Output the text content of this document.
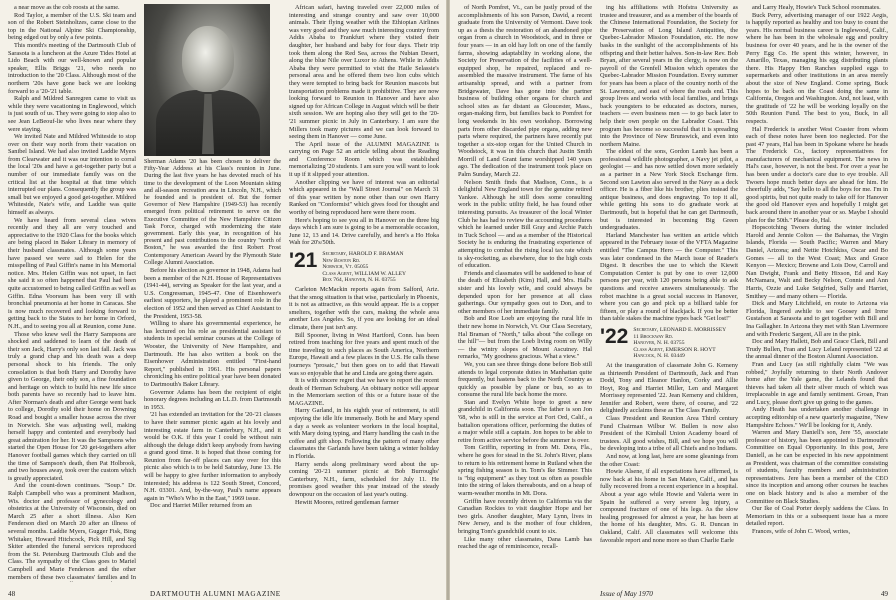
a near move as the cob roosts at the same.

Rod Taylor, a member of the U.S. Ski team and son of the Robert Steinholtzes, came close to the top in the National Alpine Ski Championship, being edged out by only a few points.

This month's meeting of the Dartmouth Club of Sarasota is a luncheon at the Azure Tides Hotel at Lido Beach with our well-known and popular speaker, Ellis Briggs '21, who needs no introduction to the '20 Class. Although most of the northern '20s have gone back we are looking forward to a '20-'21 table.

Ralph and Mildred Sanregren came to visit us while they were vacationing in Englewood, which is just south of us. They were going to stop also to see Jean LeBeouf-lie who lives near where they were staying.

We invited Nate and Mildred Whiteside to stop over on their way north from their vacation on Sanibel Island. We had also invited Laddie Myers from Clearwater and it was our intention to corral the local '20s and have a get-together party but a number of our immediate family was on the critical list at the hospital at that time which interrupted our plans. Consequently the group was small but we enjoyed a good get-together. Mildred Whiteside, Nate's wife, and Laddie was quite himself as always.

We have heard from several class wives recently and they all are very touched and appreciative to the 1920 Class for the books which are being placed in Baker Library in memory of their husband classmates. Although some years have passed we were sad to Helen for the misspelling of Paul Giffin's name in his Memorial notice. Mrs. Helen Giffin was not upset, in fact she said it so often happened that Paul had been quite accustomed to being called Griffin as well as Giffin. Edna Voorsum has been very ill with bronchial pneumonia at her home in Caracas. She is now much recovered and looking forward to getting back to the States to her home in Orford, N.H., and to seeing you all at Reunion, come June.

Those who knew well the Harry Sampsons are shocked and saddened to learn of the death of their son Jack, Harry's only son last fall. Jack was truly a grand chap and his death was a deep personal shock to his friends. The only consolation is that both Harry and Dorothy have given to George, their only son, a fine foundation and heritage on which to build his new life since both parents have so recently had to leave him. After Norman's death and after George went back to college, Dorothy sold their home on Downing Road and bought a smaller house across the river in Norwich. She was adjusting well, making herself happy and contented and everybody had great admiration for her. It was the Sampsons who started the Open House for '20 get-togethers after Hanover football games which they carried on till the time of Sampson's death, then Pat Holbrook, and two houses away, took over the custom which is greatly appreciated.

And the count-down continues. "Soup." Dr. Ralph Campbell who was a prominent Madison, Wis. doctor and professor of gynecology and obstetrics at the University of Wisconsin, died on March 25 after a short illness. Also Ken Fenderson died on March 20 after an illness of several months. Laddie Myers, Gugger Fisk, Bing Whitaker, Howard Hitchcock, Pick Hill, and Sig Skiter attended the funeral services reproduced from the St. Petersburg Dartmouth Club and the Class. The sympathy of the Class goes to Mariel Campbell and Marie Fenderson and the other members of these two classmates' families and In

Sherman Adams '20 has been chosen to deliver the Fifty-Year Address at his Class's reunion in June. During the last five years he has devoted much of his time to the development of the Loon Mountain skiing and all-season recreation area in Lincoln, N.H., which he founded and is president of. But the former Governor of New Hampshire (1949-53) has recently emerged from political retirement to serve on the Executive Committee of the New Hampshire Citizen Task Force, charged with modernizing the state government. Early this year, in recognition of his present and past contributions to the country "north of Boston," he was awarded the first Robert Frost Contemporary American Award by the Plymouth State College Alumni Association.

Before his election as governor in 1948, Adams had been a member of the N.H. House of Representatives (1941-44), serving as Speaker for the last year, and a U.S. Congressman, 1945-47. One of Eisenhower's earliest supporters, he played a prominent role in the election of 1952 and then served as Chief Assistant to the President, 1953-58.

Willing to share his governmental experience, he has lectured on his role as presidential assistant to students in special seminar courses at the College of Wooster, the University of New Hampshire, and Dartmouth. He has also written a book on the Eisenhower Administration entitled "First-hand Report," published in 1961. His personal papers chronicling his entire political year have been donated to Dartmouth's Baker Library.

Governor Adams has been the recipient of eight honorary degrees including an LL.D. from Dartmouth in 1953.

'21 has extended an invitation for the '20-'21 classes to have their summer picnic again at his lovely and interesting estate farm in Canterbury, N.H., and it would be O.K. if this year I could be without rain although the deluge didn't keep anybody from having a grand good time. It is hoped that those coming for Reunion from far-off places can stay over for this picnic also which is to be held Saturday, June 13. He will be happy to give further information to anybody interested; his address is 122 South Street, Concord, N.H. 03301. And, by-the-way, Paul's name appears again in "Who's Who in the East," 1969 issue.

Doc and Harriet Miller returned from an

African safari, having traveled over 22,000 miles of interesting and strange country and saw over 10,000 animals. Their flying weather with the Ethiopian Airlines was very good and they saw much interesting country from Addis Ababa to Frankfurt where they visited their daughter, her husband and baby for four days. Their trip took them along the Red Sea, across the Nubian Desert, along the blue Nile over Luxor to Athens. While in Addis Ababa they were permitted to visit the Haile Selassie's personal area and he offered them two lion cubs which they were tempted to bring back for Reunion mascots but transportation problems made it prohibitive. They are now looking forward to Reunion in Hanover and have also signed up for African College in August which will be their sixth session. We are hoping also they will get to the '20-'21 summer picnic in July in Canterbury. I am sure the Millers took many pictures and we can look forward to seeing them in Hanover — come June.

The April issue of the ALUMNI MAGAZINE is carrying on Page 52 an article telling about the Reading and Conference Room which was established memorializing '20 students. I am sure you will want to look it up if it slipped your attention.

Another clipping we have of interest was an editorial which appeared in the "Wall Street Journal" on March 31 of this year written by none other than our own Harry Ranked on "Conformist" which gives food for thought and worthy of being reproduced here were there room.

Here's hoping to see you all in Hanover on the three big days which I am sure is going to be a memorable occasion, June 12, 13 and 14. Drive carefully, and here's a Ho Hoka Wah for 20's/50th.

'21 Secretary, HAROLD F. BRAMAN
New Boston Rd.
Norwich, Vt. 05055
Class Agent, WILLIAM W. ALLEY
Box 764, Hanover, N. H. 03755

Carleton McMackin reports again from Salford, Ariz. that the smog situation is that wise, particularly in Phoenix, it is not as attractive, as this would appear. He is a copper smelters, together with the cars, making the whole area another Los Angeles. So, if you are looking for an ideal climate, there just isn't any.

Bill Spooner, living in West Hartford, Conn. has been retired from teaching for five years and spent much of the time traveling to such places as South America, Northern Europe, Hawaii and a few places in the U.S. He calls these journeys "prosaic," but then goes on to add that Hawaii was so enjoyable that he and Linda are going there again.

It is with sincere regret that we have to report the recent death of Herman Schuburg. An obituary notice will appear in the Memoriam section of this or a future issue of the MAGAZINE.

Harry Garland, in his eighth year of retirement, is still enjoying the idle life immensely. Both he and Mary spend a day a week as volunteer workers in the local hospital, with Mary doing typing, and Harry handling the cash in the coffee and gift shop. Following the pattern of many other classmates the Garlands have been taking a winter holiday in Florida.

Harry sends along preliminary word about the up-coming '20-'21 summer picnic at Bob Burroughs' Canterbury, N.H., farm, scheduled for July 11. He promises good weather this year instead of the steady downpour on the occasion of last year's outing.

Hewitt Moores, retired gentleman farmer

48	DARTMOUTH ALUMNI MAGAZINE

of North Pomfret, Vt., can be justly proud of the accomplishments of his son Parson, David, a recent graduate from the University of Vermont. Dave took up as a thesis the restoration of an abandoned pipe organ from a church in Woodstock, and in three or four years — in an old hay loft on one of the family farms, showing adaptability in working alone, the Society for Preservation of the facilities of a well-equipped shop, he repaired, replaced and re-assembled the massive instrument. The fame of his artisanship spread, and with a partner from Bridgewater, Dave has gone into the partner business of building other organs for church and school sites as far distant as Gloucester, Mass., organ-making firm, but families back to Pomfret for long weekends in his own workshop. Borrowing parts from other discarded pipe organs, adding new parts where required, the partners have recently put together a six-stop organ for the United Church in Woodstock, it was in this church that Justin Smith Morrill of Land Grant fame worshipped 140 years ago. The dedication of the instrument took place on Palm Sunday, March 22.

Nelson Smith finds that Madison, Conn., is a delightful New England town for the genuine retired Yankee. Although he still does some consulting work in the public utility field, he has found other interesting pursuits. As treasurer of the local Winter Club he has had to review the accounting procedures which he learned under Bill Gray and Archie Patch in Tuck School — and as a member of the Historical Society he is enduring the frustrating experience of attempting to combat the rising local tax rate which is sky-rocketing, as elsewhere, due to the high costs of education.

Friends and classmates will be saddened to hear of the death of Elizabeth (Kim) Hall, and Mrs. Hall's sister and his lovely wife, and could always be depended upon for her presence at all class gatherings. Our sympathy goes out to Don, and to other members of her immediate family.

Bob and Roe Loeb are enjoying the rural life in their new home in Norwich, Vt. Our Class Secretary, Hal Braman of "North," talks about "the college on the hill"— but from the Loeb living room on Willy — the wintry slopes of Mount Ascutney. Hal remarks, "My goodness gracious. What a view."

We, you can see three things done before Bob still attends to legal corporate duties in Manhattan quite frequently, but hastens back to the North Country as quickly as possible by plane or bus, so as to consume the rural life back home the more.

Stan and Evelyn White hope to greet a new grandchild in California soon. The father is son Jon '68, who is still in the service at Fort Ord, Calif., a battalion operations officer, performing the duties of a major while still a captain. Jon hopes to be able to retire from active service before the summer is over.

Tom Griffin, reporting in from Mt. Dora, Fla., where he goes for stead in the St. John's River, plans to return to his retirement home in Rutland when the spring fishing season is in. Tom's Ike Simmer. This is "big equipment" as they tout us often as possible into the string of lakes thereabouts, and on a heap of warm-weather months in Mt. Dora.

Griffin have recently driven to California via the Canadian Rockies to visit daughter Hope and her two girls. Another daughter, Mary Lynn, lives in New Jersey, and is the mother of four children, bringing Tom's grandchild count to six.

Like many other classmates, Dana Lamb has reached the age of reminiscence, recall-

ing his affiliations with Hofstra University as trustee and treasurer, and as a member of the boards of the Chinese International Foundation, the Society for the Preservation of Long Island Antiquities, the Quebec-Labrador Mission Foundation, etc. He now basks in the sunlight of the accomplishments of his offspring and their better halves. Son-in-law Rev. Bob Bryan, after several years in the clergy, is now on the payroll of the Grenfell Mission which operates the Quebec-Labrador Mission Foundation. Every summer for years has been a place of the country north of the St. Lawrence, and east of where the roads end. This group lives and works with local families, and brings back youngsters to be educated as doctors, nurses, teachers — even business men — to go back later to help their own people on the Labrador Coast. This program has become so successful that it is spreading into the Province of New Brunswick, and even into northern Maine.

The eldest of the sons, Gordon Lamb has been a professional wildlife photographer, a Navy jet pilot, a geologist — and has now settled down more sedately as a partner in a New York Stock Exchange firm. Second son Lawton also served in the Navy as a deck officer. He is a fiber like his brother, plies instead the antique business, and does engraving. To top it all, while getting his sons to do graduate work at Dartmouth, but is hopeful that he can get Dartmouth, but is interested in becoming Big Green undergraduates.

Harland Manchester has written an article which appeared in the February issue of the VFTA Magazine entitled "The Campus Hero — the Computer." This was later condensed in the March issue of Reader's Digest. It describes the use to which the Kiewit Computation Center is put by one to over 12,000 persons per year, with 120 persons being able to ask questions and receive answers simultaneously. The robot machine is a great social success in Hanover, where you can go and pick up a billiard table for fifteen, or play a round of blackjack. If you be better than table stakes the machine types back "Get lost!"

'22 Secretary, LEONARD E. MORRISSEY
11 Brockway Rd.
Hanover, N. H. 03755
Class Agent, EMERSON R. HOYT
Hancock, N. H. 03449

At the inauguration of classmate John G. Kemeny as thirteenth President of Dartmouth, Jack and Fran Dodd, Tony and Eleanor Hanlon, Corky and Allie Hoyt, Rog and Harriet Miller, Len and Margaret Morrissey represented '22. Jean Kemeny and children, Jennifer and Robert, were there, of course, and '22 delightedly acclaims these as The Class Family.

Class President and Reunion Area Third century Fund Chairman Wilbur W. Bullen is now also President of the Kimball Union Academy board of trustees. All good wishes, Bill, and we hope you will be developing into a tribe of all Chiefs and no Indians.

And now, at long last, here are some gleanings from the other Coast:

Howie Alsene, if all expectations have affirmed, is now back at his home in San Mateo, Calif., and has fully recovered from a recent experience in a hospital. About a year ago while Howie and Valeria were in Spain he suffered a very severe leg injury, a compound fracture of one of his legs. As the slow healing progressed for almost a year, he has been at the home of his daughter, Mrs. G. R. Duncan in Oakland, Calif. All classmates will welcome this favorable report and none more so than Charlie Earle

and Larry Healy, Howie's Tuck School roommates.

Buck Perry, advertising manager of our 1922 Aegis, is happily reported as healthy and too busy to count the years. His normal business career is Inglewood, Calif., where he has been in the wholesale egg and poultry business for over 40 years, and he is the owner of the Perry Egg Co. He spent this winter, however, in Amarillo, Texas, managing his egg distributing plants there. His Happy Hen Ranches supplied eggs to supermarkets and other institutions in an area merely about the size of New England. Come spring, Buck hopes to be back on the Coast doing the same in California, Oregon and Washington. And, not least, with the gratitude of '22 he will be working loyally on the 50th Reunion Fund. The best to you, Buck, in all respects.

Hal Frederick is another West Coaster from whom each of these notes have been too neglected. For the past 47 years, Hal has been in Spokane where he heads The Frederick Co., factory representatives for manufacturers of mechanical equipment. The news in Hal's case, however, is not the best. For over a year he has been under a doctor's care due to eye trouble. All Twoers hope much better days are ahead for him. He cheerfully adds, "Say hello to all the boys for me. I'm in good spirits, but not quite ready to take off for Hanover the good old Hanover eyes and hopefully I might get back around there in another year or so. Maybe I should plan for the 50th." Please do, Hal.

Hopscotching Twoers during the winter included Harold and Jennie Colton — the Bahamas, the Virgin Islands, Florida — South Pacific; Warren and Mary Daniel, Arizona; and Nettie Hotchkiss, Oscar and Bo Gomes — all to the West Coast; Max and Grace Kenyon — Mexico; Browne and Lois Dow, Carroll and Nan Dwight, Frank and Betty Hixson, Ed and Kay McNamara, Walt and Becky Nelson, Connie and Ann Harris, Ozzie and Luke Seigfried, Sully and Harriet, Smithey — and many others — Florida.

Dick and Mary Litchfield, en route to Arizona via Florida, lingered awhile to see Goosey and Irene Gustafson at Sarasota and to get together with Bill and Ina Gallagher. In Arizona they met with Stan Livermore and with Frederic Sargent, All are in the pink.

Doc and Mary Hallett, Bob and Grace Clark, Bill and Trudy Bullen, Fran and Lucy Leland represented '22 at the annual dinner of the Boston Alumni Association.

Fran and Lucy (as still rightfully claim "We was robbed," Joyfully returning to their North Andover home after the Yale game, the Lelands found that thieves had taken all their silver much of which was irreplaceable in age and family sentiment. Groan, Fran and Lucy, please don't give up going to the games.

Andy Heath has undertaken another challenge in accepting editorship of a new quarterly magazine, "New Hampshire Echoes." We'll be looking for it, Andy.

Warren and Mary Daniell's son, Jere '55, associate professor of history, has been appointed to Dartmouth's Committee on Equal Opportunity. In this post, Jere Daniell, as he can be expected in his new appointment as President, was chairman of the committee consisting of students, faculty members and administration representatives. Jere has been a member of the CEO since its inception and among other courses he teaches one on black history and is also a member of the Committee on Black Studies.

Our Ike of Coal Porter deeply saddens the Class. In Memoriam in this or a subsequent issue has a more detailed report.

Frances, wife of John C. Wood, writes,

Issue of May 1970	49
